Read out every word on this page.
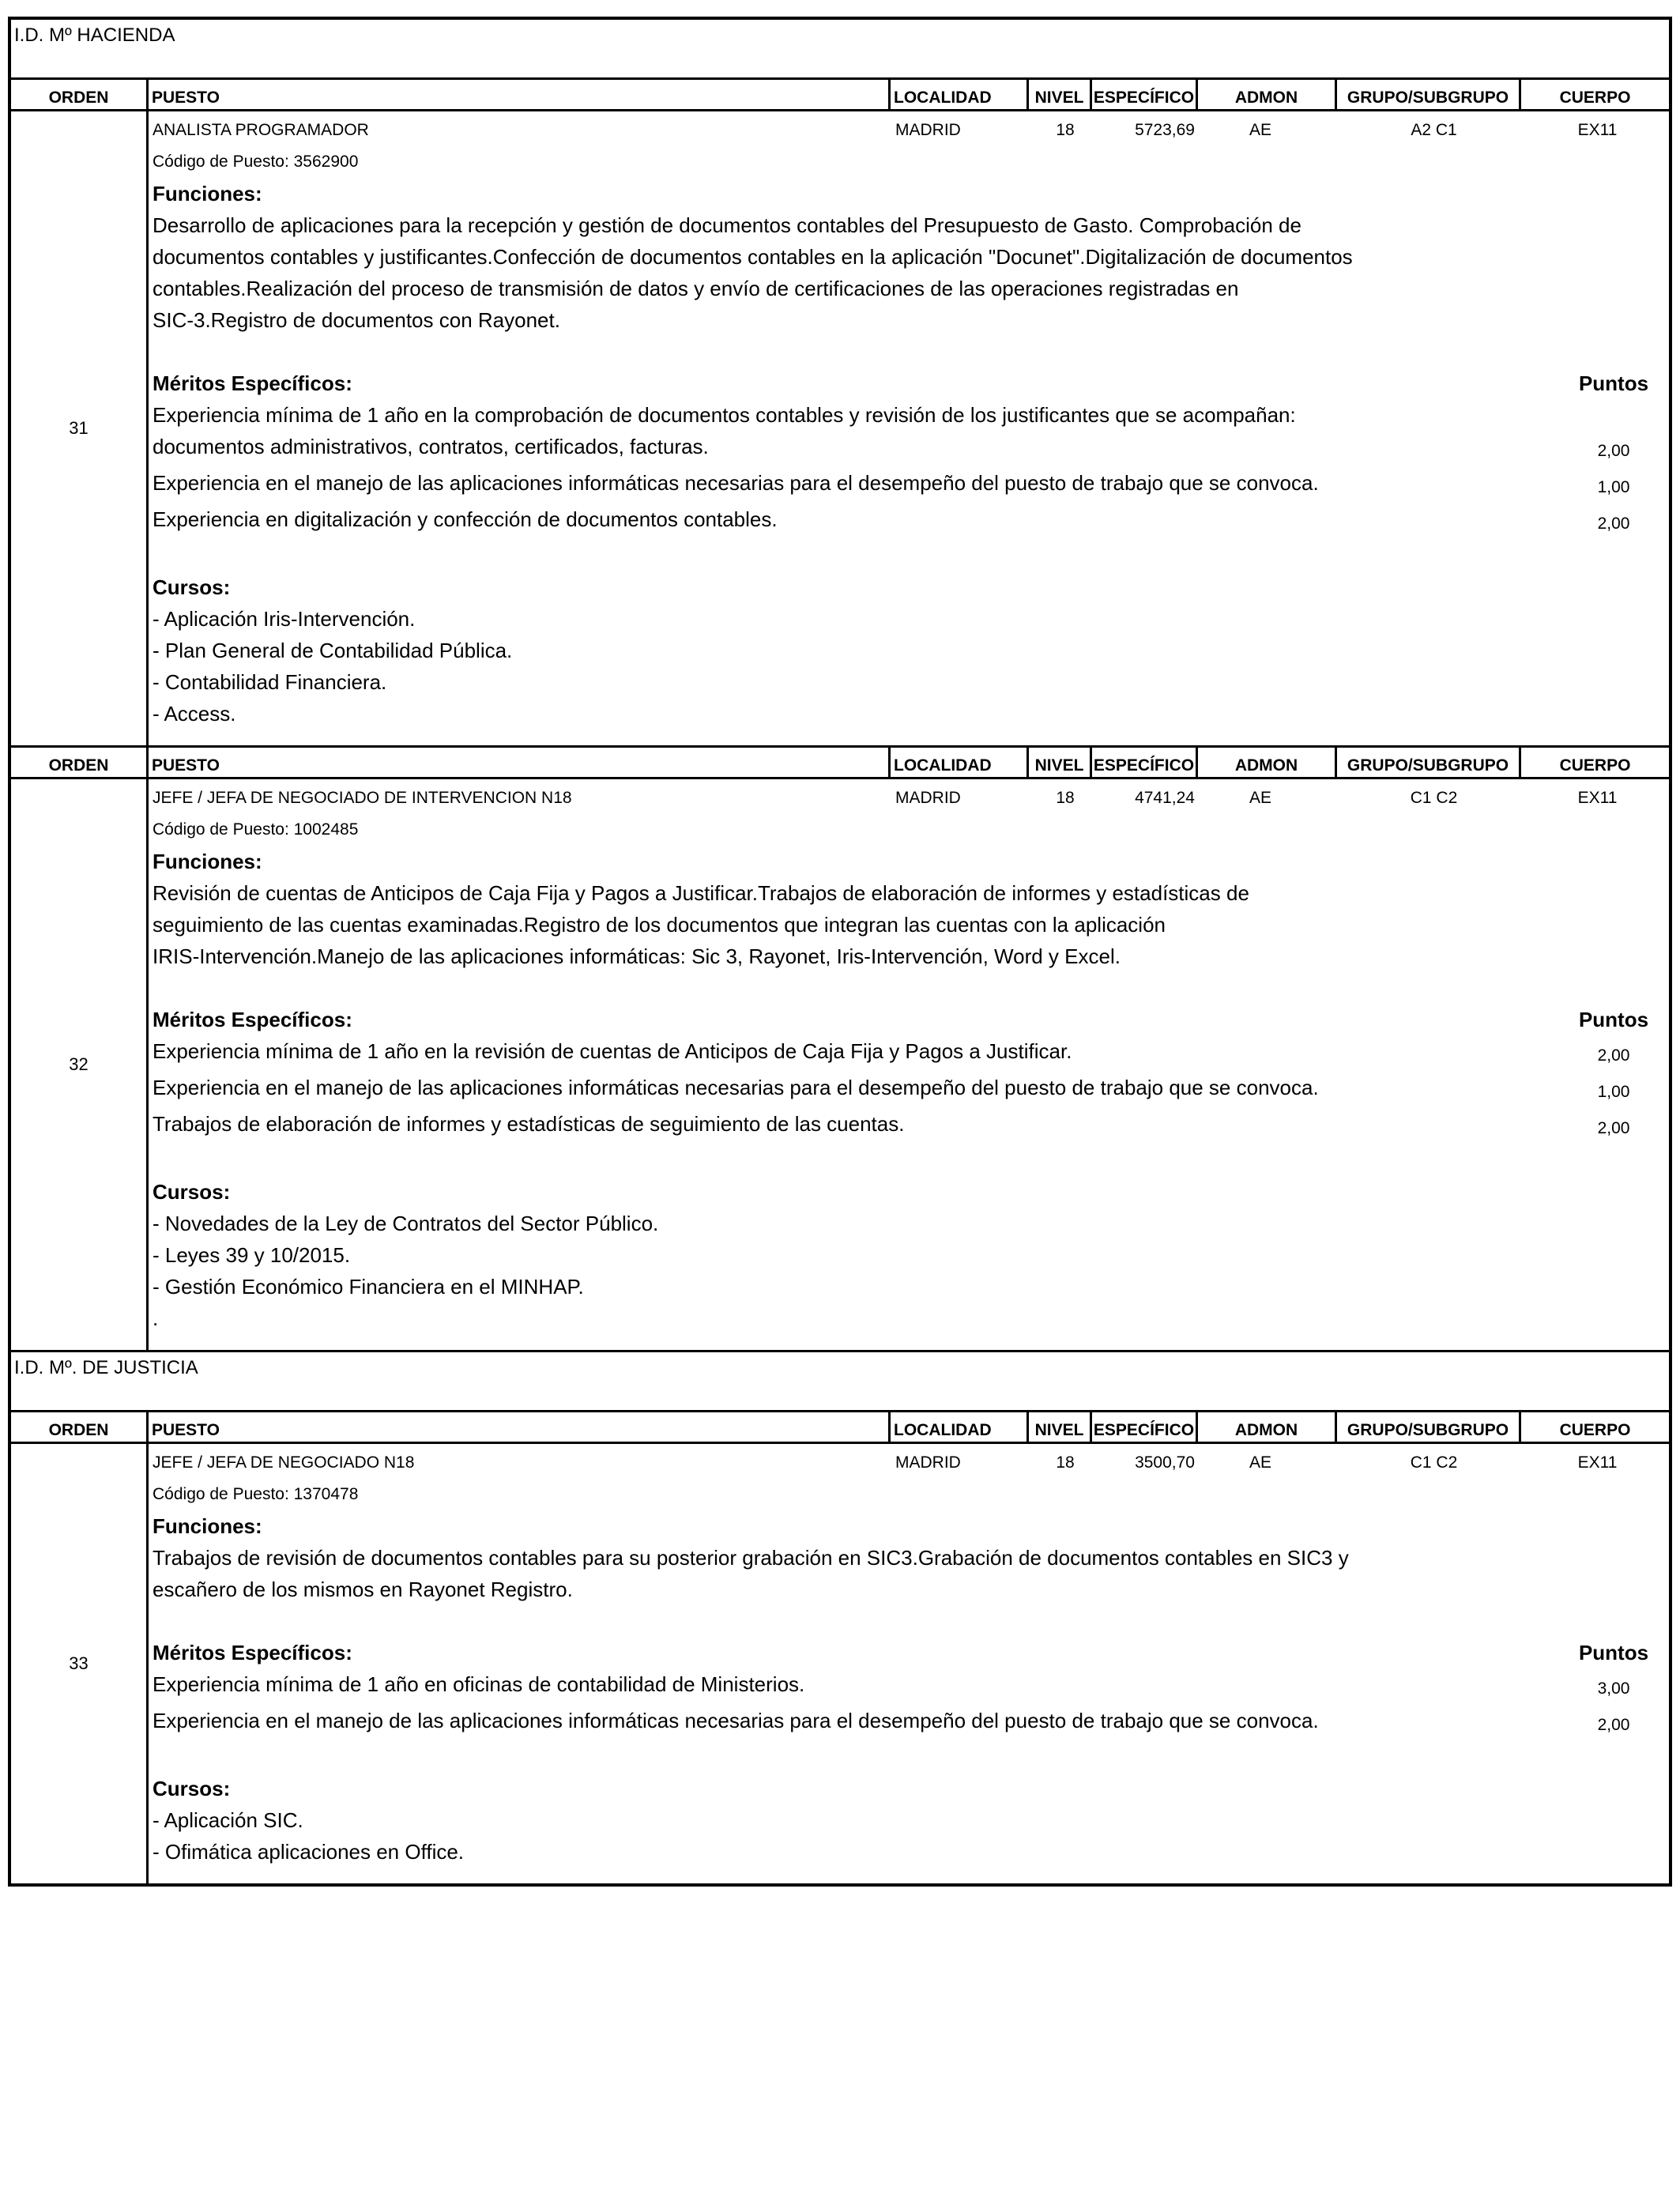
I.D. Mº HACIENDA
ORDEN	PUESTO	LOCALIDAD	NIVEL ESPECÍFICO	ADMON	GRUPO/SUBGRUPO	CUERPO
31
ANALISTA PROGRAMADOR	MADRID	18	5723,69	AE	A2 C1	EX11
Código de Puesto: 3562900
Funciones:
Desarrollo de aplicaciones para la recepción y gestión de documentos contables del Presupuesto de Gasto. Comprobación de
documentos contables y justificantes.Confección de documentos contables en la aplicación "Docunet".Digitalización de documentos
contables.Realización del proceso de transmisión de datos y envío de certificaciones de las operaciones registradas en
SIC-3.Registro de documentos con Rayonet.
Méritos Específicos:	Puntos
Experiencia mínima de 1 año en la comprobación de documentos contables y revisión de los justificantes que se acompañan:
documentos administrativos, contratos, certificados, facturas.	2,00
Experiencia en el manejo de las aplicaciones informáticas necesarias para el desempeño del puesto de trabajo que se convoca.	1,00
Experiencia en digitalización y confección de documentos contables.	2,00
Cursos:
- Aplicación Iris-Intervención.
- Plan General de Contabilidad Pública.
- Contabilidad Financiera.
- Access.
ORDEN	PUESTO	LOCALIDAD	NIVEL ESPECÍFICO	ADMON	GRUPO/SUBGRUPO	CUERPO
32
JEFE / JEFA DE NEGOCIADO DE INTERVENCION N18	MADRID	18	4741,24	AE	C1 C2	EX11
Código de Puesto: 1002485
Funciones:
Revisión de cuentas de Anticipos de Caja Fija y Pagos a Justificar.Trabajos de elaboración de informes y estadísticas de
seguimiento de las cuentas examinadas.Registro de los documentos que integran las cuentas con la aplicación
IRIS-Intervención.Manejo de las aplicaciones informáticas: Sic 3, Rayonet, Iris-Intervención, Word y Excel.
Méritos Específicos:	Puntos
Experiencia mínima de 1 año en la revisión de cuentas de Anticipos de Caja Fija y Pagos a Justificar.	2,00
Experiencia en el manejo de las aplicaciones informáticas necesarias para el desempeño del puesto de trabajo que se convoca.	1,00
Trabajos de elaboración de informes y estadísticas de seguimiento de las cuentas.	2,00
Cursos:
- Novedades de la Ley de Contratos del Sector Público.
- Leyes 39 y 10/2015.
- Gestión Económico Financiera en el MINHAP.
.
I.D. Mº. DE JUSTICIA
ORDEN	PUESTO	LOCALIDAD	NIVEL ESPECÍFICO	ADMON	GRUPO/SUBGRUPO	CUERPO
33
JEFE / JEFA DE NEGOCIADO N18	MADRID	18	3500,70	AE	C1 C2	EX11
Código de Puesto: 1370478
Funciones:
Trabajos de revisión de documentos contables para su posterior grabación en SIC3.Grabación de documentos contables en SIC3 y
escañero de los mismos en Rayonet Registro.
Méritos Específicos:	Puntos
Experiencia mínima de 1 año en oficinas de contabilidad de Ministerios.	3,00
Experiencia en el manejo de las aplicaciones informáticas necesarias para el desempeño del puesto de trabajo que se convoca.	2,00
Cursos:
- Aplicación SIC.
- Ofimática aplicaciones en Office.
